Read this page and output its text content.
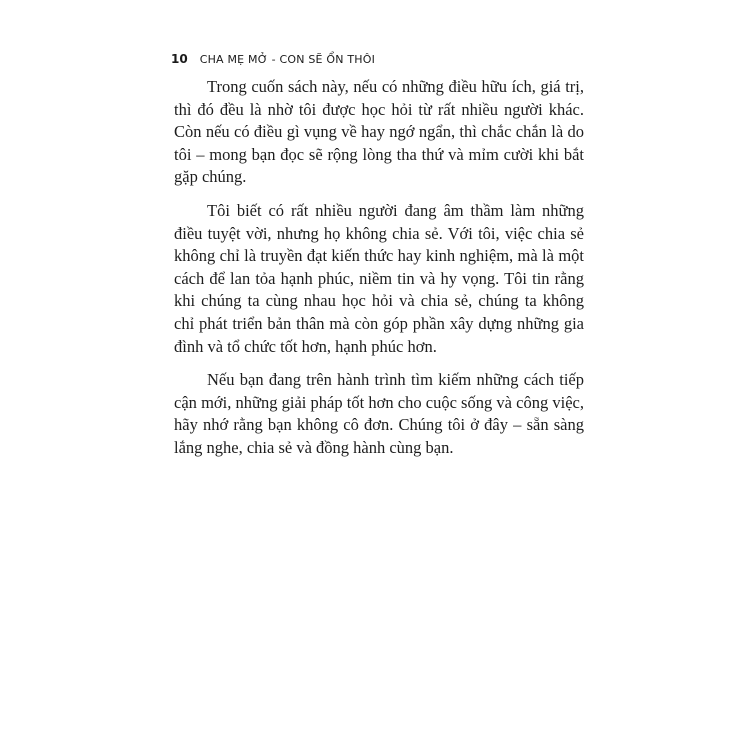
10 CHA MẸ MỞ - CON SẼ ỔN THÔI

Trong cuốn sách này, nếu có những điều hữu ích, giá trị, thì đó đều là nhờ tôi được học hỏi từ rất nhiều người khác. Còn nếu có điều gì vụng về hay ngớ ngẩn, thì chắc chắn là do tôi – mong bạn đọc sẽ rộng lòng tha thứ và mỉm cười khi bắt gặp chúng.

Tôi biết có rất nhiều người đang âm thầm làm những điều tuyệt vời, nhưng họ không chia sẻ. Với tôi, việc chia sẻ không chỉ là truyền đạt kiến thức hay kinh nghiệm, mà là một cách để lan tỏa hạnh phúc, niềm tin và hy vọng. Tôi tin rằng khi chúng ta cùng nhau học hỏi và chia sẻ, chúng ta không chỉ phát triển bản thân mà còn góp phần xây dựng những gia đình và tổ chức tốt hơn, hạnh phúc hơn.

Nếu bạn đang trên hành trình tìm kiếm những cách tiếp cận mới, những giải pháp tốt hơn cho cuộc sống và công việc, hãy nhớ rằng bạn không cô đơn. Chúng tôi ở đây – sẵn sàng lắng nghe, chia sẻ và đồng hành cùng bạn.
